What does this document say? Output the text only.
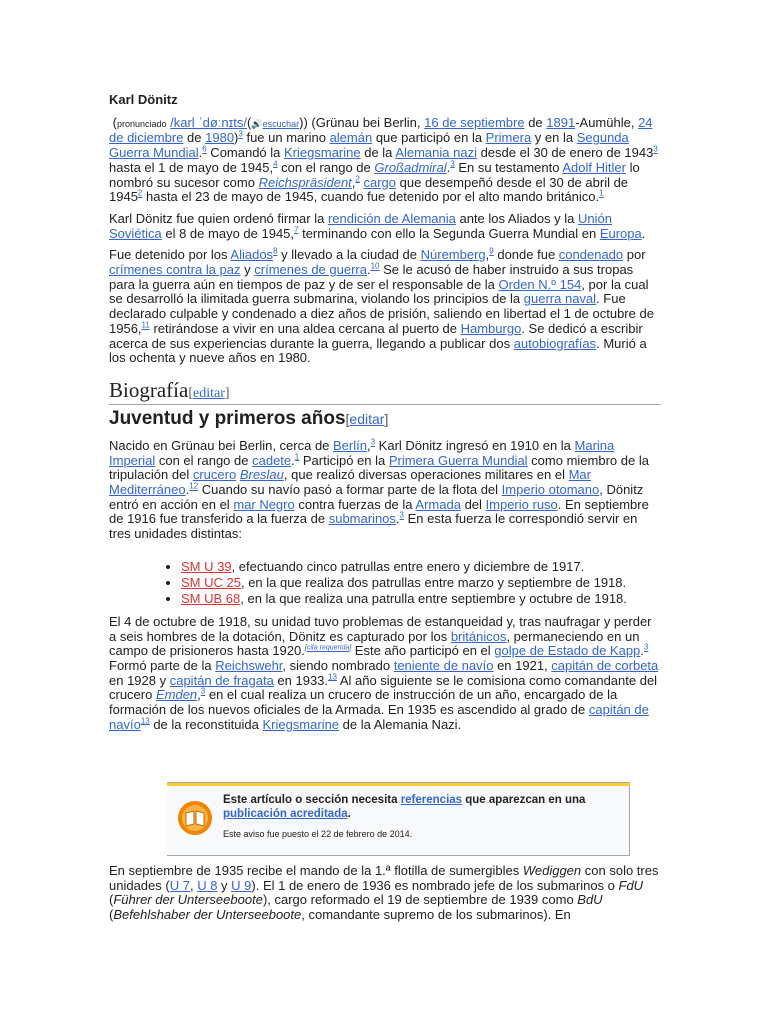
Karl Dönitz

(pronunciado /karl ˈdøːnɪts/(🔊escuchar)) (Grünau bei Berlin, 16 de septiembre de 1891-Aumühle, 24 de diciembre de 1980)$^3$ fue un marino alemán que participó en la Primera y en la Segunda Guerra Mundial.$^6$ Comandó la Kriegsmarine de la Alemania nazi desde el 30 de enero de 1943$^3$ hasta el 1 de mayo de 1945,$^4$ con el rango de Großadmiral.$^3$ En su testamento Adolf Hitler lo nombró su sucesor como Reichspräsident,$^2$ cargo que desempeñó desde el 30 de abril de 1945$^2$ hasta el 23 de mayo de 1945, cuando fue detenido por el alto mando británico.$^1$

Karl Dönitz fue quien ordenó firmar la rendición de Alemania ante los Aliados y la Unión Soviética el 8 de mayo de 1945,$^7$ terminando con ello la Segunda Guerra Mundial en Europa.

Fue detenido por los Aliados$^8$ y llevado a la ciudad de Núremberg,$^9$ donde fue condenado por crímenes contra la paz y crímenes de guerra.$^{10}$ Se le acusó de haber instruido a sus tropas para la guerra aún en tiempos de paz y de ser el responsable de la Orden N.º 154, por la cual se desarrolló la ilimitada guerra submarina, violando los principios de la guerra naval. Fue declarado culpable y condenado a diez años de prisión, saliendo en libertad el 1 de octubre de 1956,11 retirándose a vivir en una aldea cercana al puerto de Hamburgo. Se dedicó a escribir acerca de sus experiencias durante la guerra, llegando a publicar dos autobiografías. Murió a los ochenta y nueve años en 1980.

Biografía[editar]
Juventud y primeros años[editar]

Nacido en Grünau bei Berlin, cerca de Berlín,$^3$ Karl Dönitz ingresó en 1910 en la Marina Imperial con el rango de cadete.$^1$ Participó en la Primera Guerra Mundial como miembro de la tripulación del crucero Breslau, que realizó diversas operaciones militares en el Mar Mediterráneo.$^{12}$ Cuando su navío pasó a formar parte de la flota del Imperio otomano, Dönitz entró en acción en el mar Negro contra fuerzas de la Armada del Imperio ruso. En septiembre de 1916 fue transferido a la fuerza de submarinos.$^3$ En esta fuerza le correspondió servir en tres unidades distintas:

• SM U 39, efectuando cinco patrullas entre enero y diciembre de 1917.
• SM UC 25, en la que realiza dos patrullas entre marzo y septiembre de 1918.
• SM UB 68, en la que realiza una patrulla entre septiembre y octubre de 1918.

El 4 de octubre de 1918, su unidad tuvo problemas de estanqueidad y, tras naufragar y perder a seis hombres de la dotación, Dönitz es capturado por los británicos, permaneciendo en un campo de prisioneros hasta 1920.[cita requerida] Este año participó en el golpe de Estado de Kapp.$^3$ Formó parte de la Reichswehr, siendo nombrado teniente de navío en 1921, capitán de corbeta en 1928 y capitán de fragata en 1933.13 Al año siguiente se le comisiona como comandante del crucero Emden,$^3$ en el cual realiza un crucero de instrucción de un año, encargado de la formación de los nuevos oficiales de la Armada. En 1935 es ascendido al grado de capitán de navío$^{13}$ de la reconstituida Kriegsmarine de la Alemania Nazi.

Este artículo o sección necesita referencias que aparezcan en una publicación acreditada.
Este aviso fue puesto el 22 de febrero de 2014.

En septiembre de 1935 recibe el mando de la 1.ª flotilla de sumergibles Wediggen con solo tres unidades (U 7, U 8 y U 9). El 1 de enero de 1936 es nombrado jefe de los submarinos o FdU (Führer der Unterseeboote), cargo reformado el 19 de septiembre de 1939 como BdU (Befehlshaber der Unterseeboote, comandante supremo de los submarinos). En
